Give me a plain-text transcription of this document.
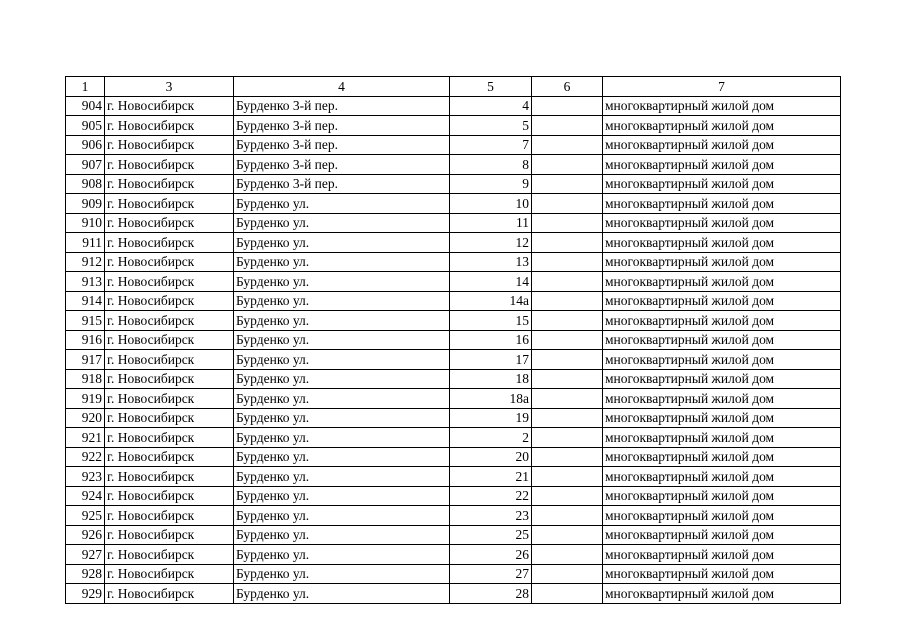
1	3	4	5	6	7
904	г. Новосибирск	Бурденко 3-й пер.	4		многоквартирный жилой дом
905	г. Новосибирск	Бурденко 3-й пер.	5		многоквартирный жилой дом
906	г. Новосибирск	Бурденко 3-й пер.	7		многоквартирный жилой дом
907	г. Новосибирск	Бурденко 3-й пер.	8		многоквартирный жилой дом
908	г. Новосибирск	Бурденко 3-й пер.	9		многоквартирный жилой дом
909	г. Новосибирск	Бурденко ул.	10		многоквартирный жилой дом
910	г. Новосибирск	Бурденко ул.	11		многоквартирный жилой дом
911	г. Новосибирск	Бурденко ул.	12		многоквартирный жилой дом
912	г. Новосибирск	Бурденко ул.	13		многоквартирный жилой дом
913	г. Новосибирск	Бурденко ул.	14		многоквартирный жилой дом
914	г. Новосибирск	Бурденко ул.	14а		многоквартирный жилой дом
915	г. Новосибирск	Бурденко ул.	15		многоквартирный жилой дом
916	г. Новосибирск	Бурденко ул.	16		многоквартирный жилой дом
917	г. Новосибирск	Бурденко ул.	17		многоквартирный жилой дом
918	г. Новосибирск	Бурденко ул.	18		многоквартирный жилой дом
919	г. Новосибирск	Бурденко ул.	18а		многоквартирный жилой дом
920	г. Новосибирск	Бурденко ул.	19		многоквартирный жилой дом
921	г. Новосибирск	Бурденко ул.	2		многоквартирный жилой дом
922	г. Новосибирск	Бурденко ул.	20		многоквартирный жилой дом
923	г. Новосибирск	Бурденко ул.	21		многоквартирный жилой дом
924	г. Новосибирск	Бурденко ул.	22		многоквартирный жилой дом
925	г. Новосибирск	Бурденко ул.	23		многоквартирный жилой дом
926	г. Новосибирск	Бурденко ул.	25		многоквартирный жилой дом
927	г. Новосибирск	Бурденко ул.	26		многоквартирный жилой дом
928	г. Новосибирск	Бурденко ул.	27		многоквартирный жилой дом
929	г. Новосибирск	Бурденко ул.	28		многоквартирный жилой дом
